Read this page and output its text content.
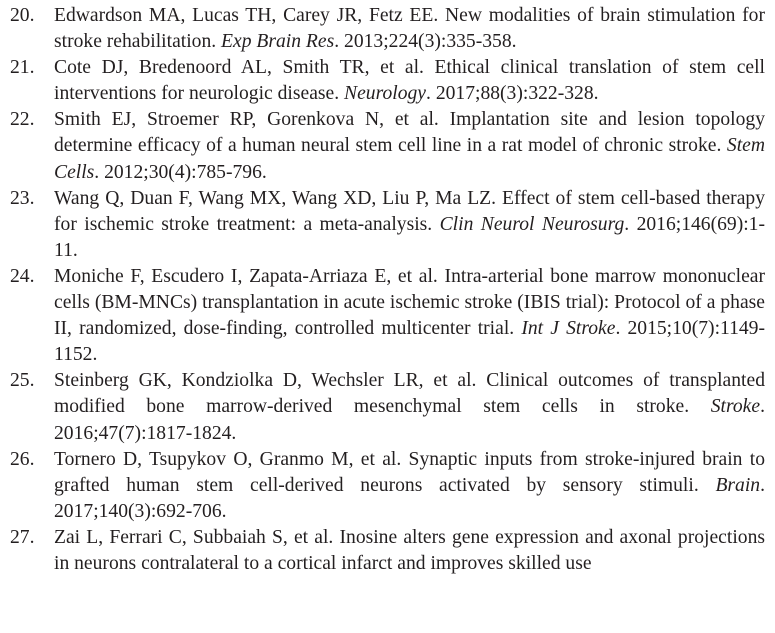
20. Edwardson MA, Lucas TH, Carey JR, Fetz EE. New modalities of brain stimulation for stroke rehabilitation. Exp Brain Res. 2013;224(3):335-358.

21. Cote DJ, Bredenoord AL, Smith TR, et al. Ethical clinical translation of stem cell interventions for neurologic disease. Neurology. 2017;88(3):322-328.

22. Smith EJ, Stroemer RP, Gorenkova N, et al. Implantation site and lesion topology determine efficacy of a human neural stem cell line in a rat model of chronic stroke. Stem Cells. 2012;30(4):785-796.

23. Wang Q, Duan F, Wang MX, Wang XD, Liu P, Ma LZ. Effect of stem cell-based therapy for ischemic stroke treatment: a meta-analysis. Clin Neurol Neurosurg. 2016;146(69):1-11.

24. Moniche F, Escudero I, Zapata-Arriaza E, et al. Intra-arterial bone marrow mononuclear cells (BM-MNCs) transplantation in acute ischemic stroke (IBIS trial): Protocol of a phase II, randomized, dose-finding, controlled multicenter trial. Int J Stroke. 2015;10(7):1149-1152.

25. Steinberg GK, Kondziolka D, Wechsler LR, et al. Clinical outcomes of transplanted modified bone marrow-derived mesenchymal stem cells in stroke. Stroke. 2016;47(7):1817-1824.

26. Tornero D, Tsupykov O, Granmo M, et al. Synaptic inputs from stroke-injured brain to grafted human stem cell-derived neurons activated by sensory stimuli. Brain. 2017;140(3):692-706.

27. Zai L, Ferrari C, Subbaiah S, et al. Inosine alters gene expression and axonal projections in neurons contralateral to a cortical infarct and improves skilled use
